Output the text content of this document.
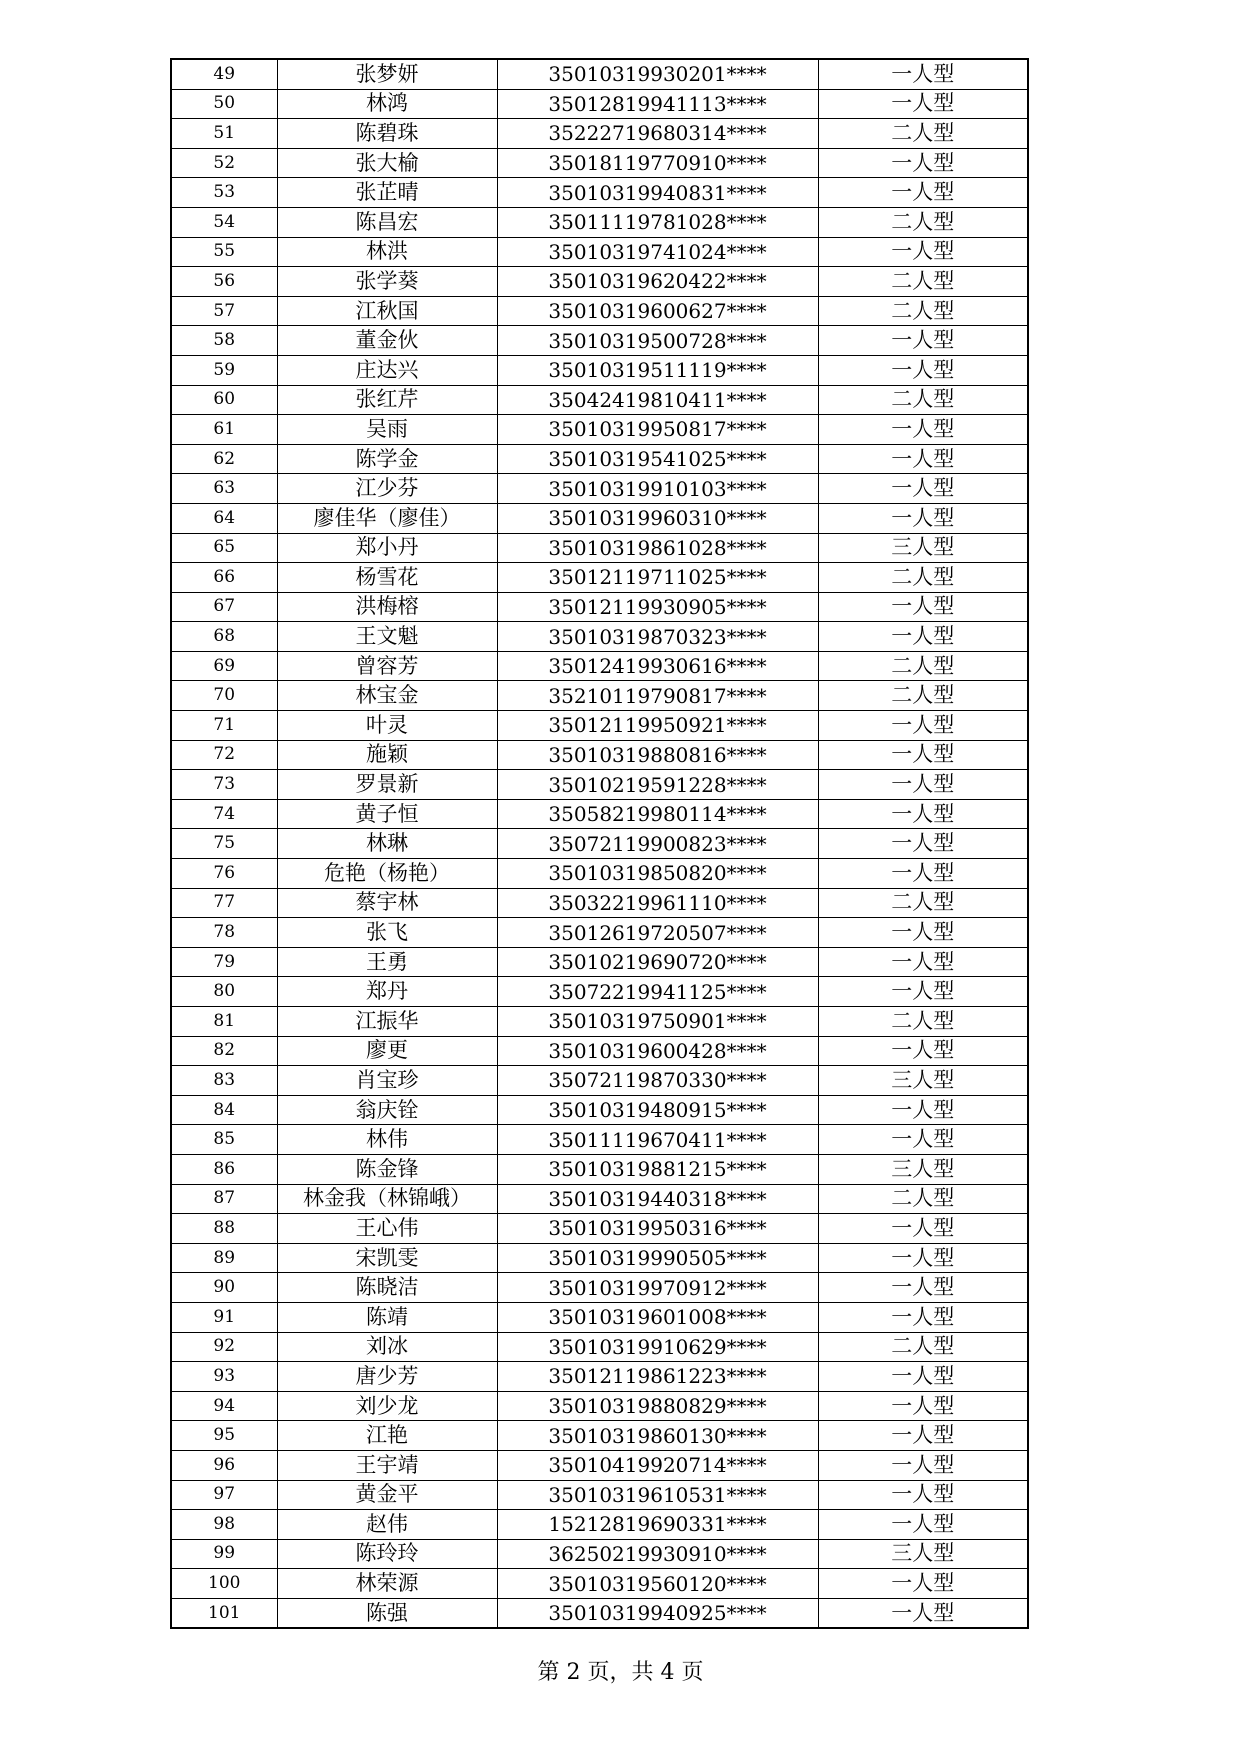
49	张梦妍	35010319930201****	一人型
50	林鸿	35012819941113****	一人型
51	陈碧珠	35222719680314****	二人型
52	张大榆	35018119770910****	一人型
53	张芷晴	35010319940831****	一人型
54	陈昌宏	35011119781028****	二人型
55	林洪	35010319741024****	一人型
56	张学葵	35010319620422****	二人型
57	江秋国	35010319600627****	二人型
58	董金伙	35010319500728****	一人型
59	庄达兴	35010319511119****	一人型
60	张红芹	35042419810411****	二人型
61	吴雨	35010319950817****	一人型
62	陈学金	35010319541025****	一人型
63	江少芬	35010319910103****	一人型
64	廖佳华（廖佳）	35010319960310****	一人型
65	郑小丹	35010319861028****	三人型
66	杨雪花	35012119711025****	二人型
67	洪梅榕	35012119930905****	一人型
68	王文魁	35010319870323****	一人型
69	曾容芳	35012419930616****	二人型
70	林宝金	35210119790817****	二人型
71	叶灵	35012119950921****	一人型
72	施颖	35010319880816****	一人型
73	罗景新	35010219591228****	一人型
74	黄子恒	35058219980114****	一人型
75	林琳	35072119900823****	一人型
76	危艳（杨艳）	35010319850820****	一人型
77	蔡宇林	35032219961110****	二人型
78	张飞	35012619720507****	一人型
79	王勇	35010219690720****	一人型
80	郑丹	35072219941125****	一人型
81	江振华	35010319750901****	二人型
82	廖更	35010319600428****	一人型
83	肖宝珍	35072119870330****	三人型
84	翁庆铨	35010319480915****	一人型
85	林伟	35011119670411****	一人型
86	陈金锋	35010319881215****	三人型
87	林金我（林锦峨）	35010319440318****	二人型
88	王心伟	35010319950316****	一人型
89	宋凯雯	35010319990505****	一人型
90	陈晓洁	35010319970912****	一人型
91	陈靖	35010319601008****	一人型
92	刘冰	35010319910629****	二人型
93	唐少芳	35012119861223****	一人型
94	刘少龙	35010319880829****	一人型
95	江艳	35010319860130****	一人型
96	王宇靖	35010419920714****	一人型
97	黄金平	35010319610531****	一人型
98	赵伟	15212819690331****	一人型
99	陈玲玲	36250219930910****	三人型
100	林荣源	35010319560120****	一人型
101	陈强	35010319940925****	一人型
第 2 页，共 4 页
